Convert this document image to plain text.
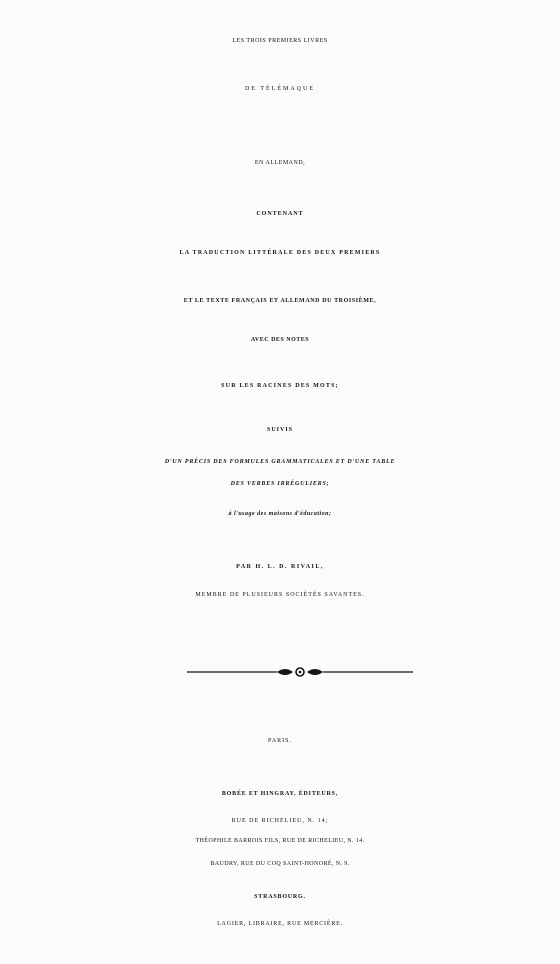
LES TROIS PREMIERS LIVRES
DE TÉLÉMAQUE
EN ALLEMAND,
CONTENANT
LA TRADUCTION LITTÉRALE DES DEUX PREMIERS
ET LE TEXTE FRANÇAIS ET ALLEMAND DU TROISIÈME,
AVEC DES NOTES
SUR LES RACINES DES MOTS;
SUIVIS
D'UN PRÉCIS DES FORMULES GRAMMATICALES ET D'UNE TABLE
DES VERBES IRRÉGULIERS;
à l'usage des maisons d'éducation;
PAR H. L. D. RIVAIL,
MEMBRE DE PLUSIEURS SOCIÉTÉS SAVANTES.
PARIS.
BOBÉE ET HINGRAY, ÉDITEURS,
RUE DE RICHELIEU, N. 14;
THÉOPHILE BARROIS FILS, RUE DE RICHELIEU, N. 14.
BAUDRY, RUE DU COQ SAINT-HONORÉ, N. 9.
STRASBOURG.
LAGIER, LIBRAIRE, RUE MERCIÈRE.
